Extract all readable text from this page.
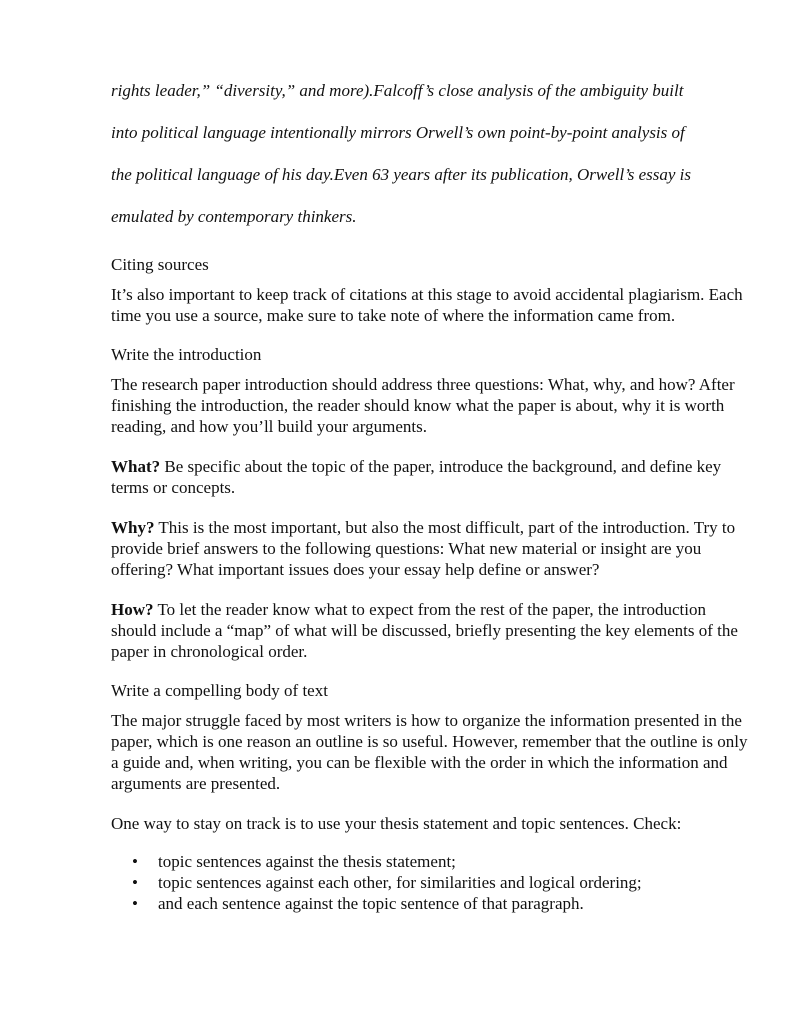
rights leader,” “diversity,” and more).Falcoff’s close analysis of the ambiguity built

into political language intentionally mirrors Orwell’s own point-by-point analysis of

the political language of his day.Even 63 years after its publication, Orwell’s essay is

emulated by contemporary thinkers.

Citing sources

It’s also important to keep track of citations at this stage to avoid accidental plagiarism. Each time you use a source, make sure to take note of where the information came from.

Write the introduction

The research paper introduction should address three questions: What, why, and how? After finishing the introduction, the reader should know what the paper is about, why it is worth reading, and how you’ll build your arguments.

What? Be specific about the topic of the paper, introduce the background, and define key terms or concepts.

Why? This is the most important, but also the most difficult, part of the introduction. Try to provide brief answers to the following questions: What new material or insight are you offering? What important issues does your essay help define or answer?

How? To let the reader know what to expect from the rest of the paper, the introduction should include a “map” of what will be discussed, briefly presenting the key elements of the paper in chronological order.

Write a compelling body of text

The major struggle faced by most writers is how to organize the information presented in the paper, which is one reason an outline is so useful. However, remember that the outline is only a guide and, when writing, you can be flexible with the order in which the information and arguments are presented.

One way to stay on track is to use your thesis statement and topic sentences. Check:

• topic sentences against the thesis statement;
• topic sentences against each other, for similarities and logical ordering;
• and each sentence against the topic sentence of that paragraph.
